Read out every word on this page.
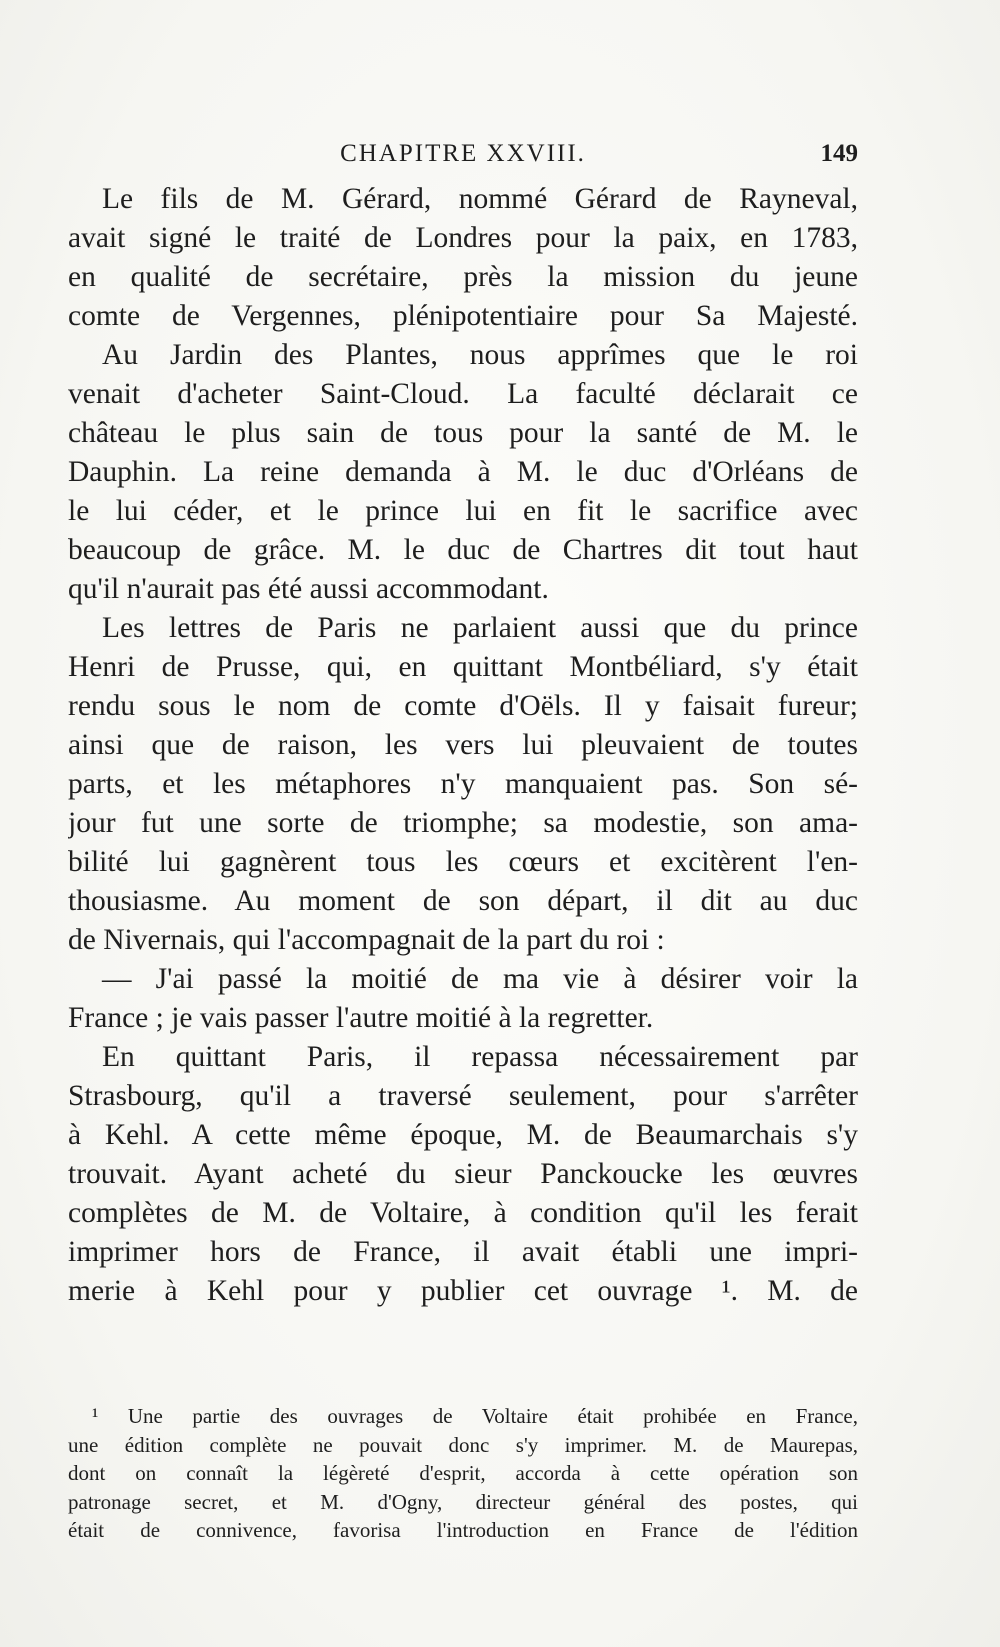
CHAPITRE XXVIII.	149
Le fils de M. Gérard, nommé Gérard de Rayneval,
avait signé le traité de Londres pour la paix, en 1783,
en qualité de secrétaire, près la mission du jeune
comte de Vergennes, plénipotentiaire pour Sa Majesté.
Au Jardin des Plantes, nous apprîmes que le roi
venait d'acheter Saint-Cloud. La faculté déclarait ce
château le plus sain de tous pour la santé de M. le
Dauphin. La reine demanda à M. le duc d'Orléans de
le lui céder, et le prince lui en fit le sacrifice avec
beaucoup de grâce. M. le duc de Chartres dit tout haut
qu'il n'aurait pas été aussi accommodant.
Les lettres de Paris ne parlaient aussi que du prince
Henri de Prusse, qui, en quittant Montbéliard, s'y était
rendu sous le nom de comte d'Oëls. Il y faisait fureur;
ainsi que de raison, les vers lui pleuvaient de toutes
parts, et les métaphores n'y manquaient pas. Son sé-
jour fut une sorte de triomphe; sa modestie, son ama-
bilité lui gagnèrent tous les cœurs et excitèrent l'en-
thousiasme. Au moment de son départ, il dit au duc
de Nivernais, qui l'accompagnait de la part du roi :
— J'ai passé la moitié de ma vie à désirer voir la
France ; je vais passer l'autre moitié à la regretter.
En quittant Paris, il repassa nécessairement par
Strasbourg, qu'il a traversé seulement, pour s'arrêter
à Kehl. A cette même époque, M. de Beaumarchais s'y
trouvait. Ayant acheté du sieur Panckoucke les œuvres
complètes de M. de Voltaire, à condition qu'il les ferait
imprimer hors de France, il avait établi une impri-
merie à Kehl pour y publier cet ouvrage ¹. M. de
¹ Une partie des ouvrages de Voltaire était prohibée en France,
une édition complète ne pouvait donc s'y imprimer. M. de Maurepas,
dont on connaît la légèreté d'esprit, accorda à cette opération son
patronage secret, et M. d'Ogny, directeur général des postes, qui
était de connivence, favorisa l'introduction en France de l'édition
